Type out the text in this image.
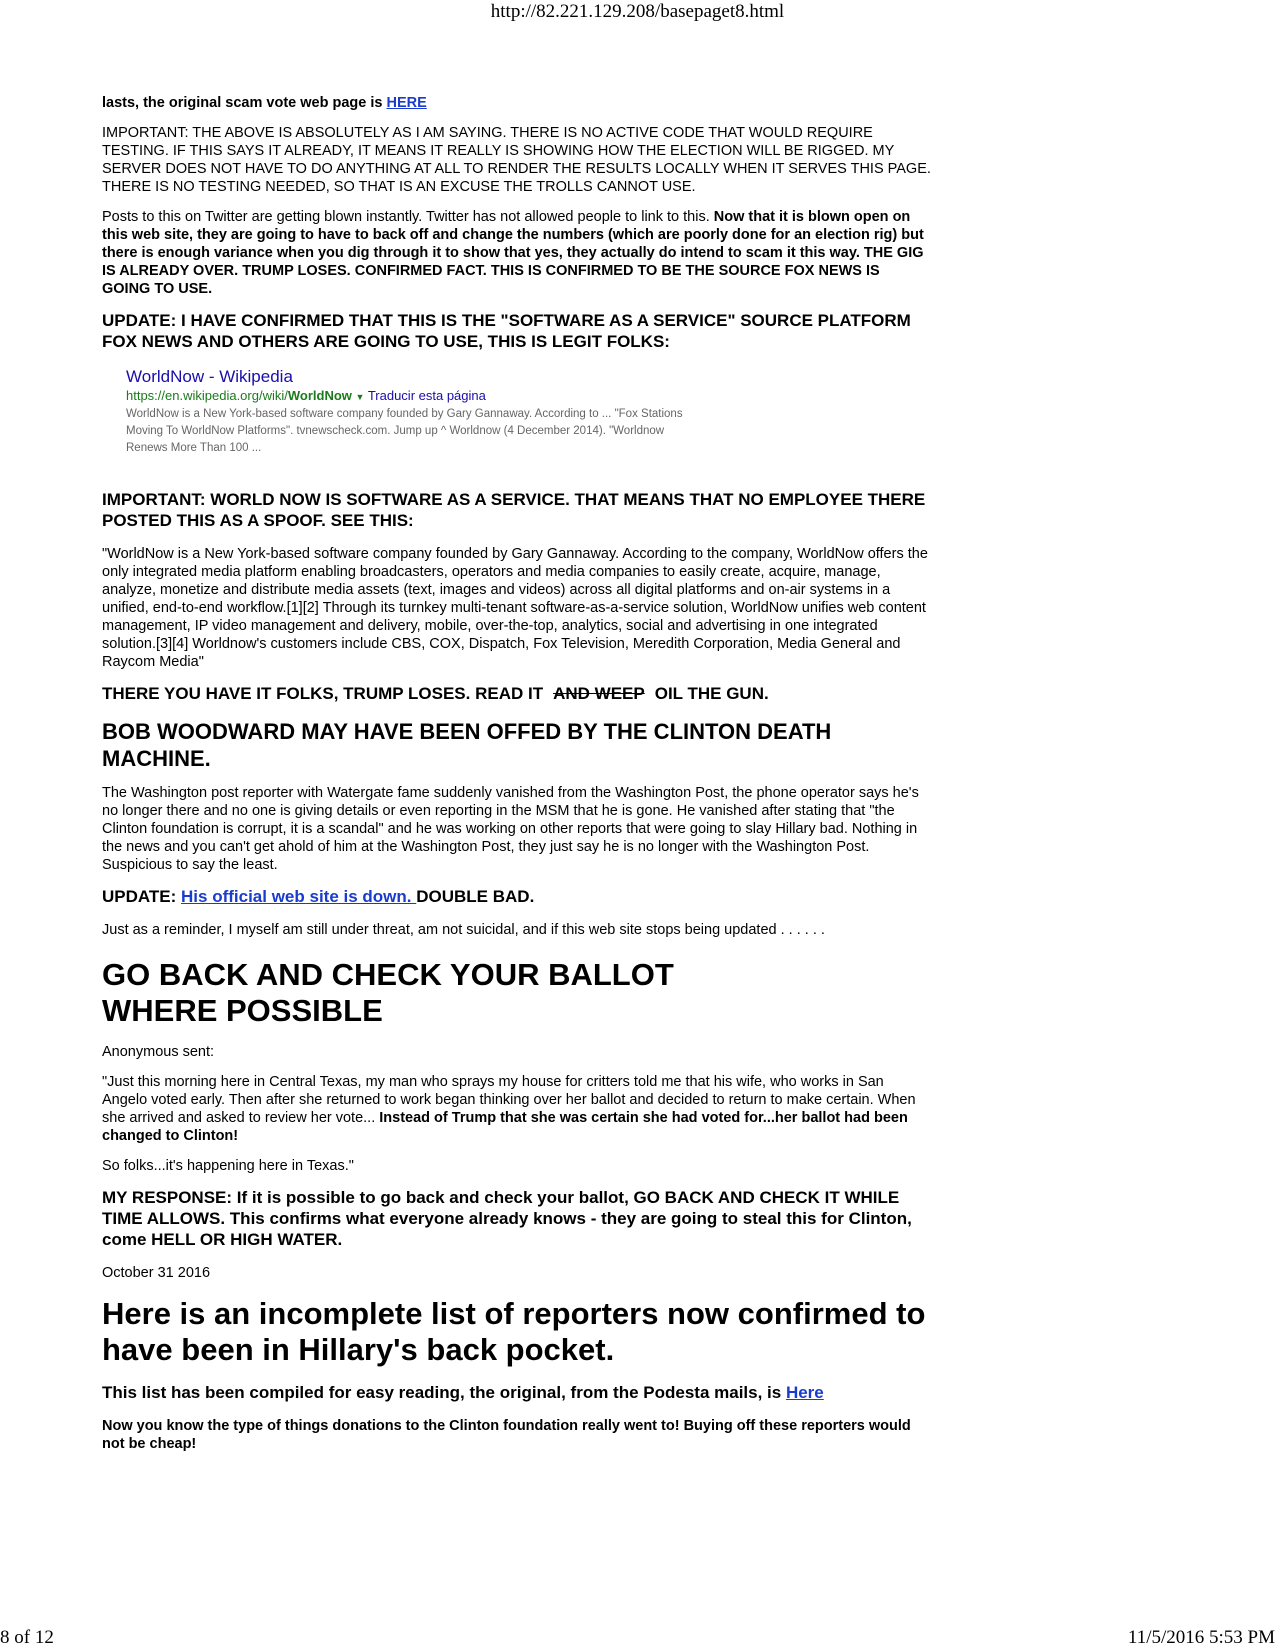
http://82.221.129.208/basepaget8.html

lasts, the original scam vote web page is HERE

IMPORTANT: THE ABOVE IS ABSOLUTELY AS I AM SAYING. THERE IS NO ACTIVE CODE THAT WOULD REQUIRE TESTING. IF THIS SAYS IT ALREADY, IT MEANS IT REALLY IS SHOWING HOW THE ELECTION WILL BE RIGGED. MY SERVER DOES NOT HAVE TO DO ANYTHING AT ALL TO RENDER THE RESULTS LOCALLY WHEN IT SERVES THIS PAGE. THERE IS NO TESTING NEEDED, SO THAT IS AN EXCUSE THE TROLLS CANNOT USE.

Posts to this on Twitter are getting blown instantly. Twitter has not allowed people to link to this. Now that it is blown open on this web site, they are going to have to back off and change the numbers (which are poorly done for an election rig) but there is enough variance when you dig through it to show that yes, they actually do intend to scam it this way. THE GIG IS ALREADY OVER. TRUMP LOSES. CONFIRMED FACT. THIS IS CONFIRMED TO BE THE SOURCE FOX NEWS IS GOING TO USE.

UPDATE: I HAVE CONFIRMED THAT THIS IS THE "SOFTWARE AS A SERVICE" SOURCE PLATFORM FOX NEWS AND OTHERS ARE GOING TO USE, THIS IS LEGIT FOLKS:
WorldNow - Wikipedia
https://en.wikipedia.org/wiki/WorldNow ▼ Traducir esta página
WorldNow is a New York-based software company founded by Gary Gannaway. According to ... "Fox Stations Moving To WorldNow Platforms". tvnewscheck.com. Jump up ^ Worldnow (4 December 2014). "Worldnow Renews More Than 100 ...
IMPORTANT: WORLD NOW IS SOFTWARE AS A SERVICE. THAT MEANS THAT NO EMPLOYEE THERE POSTED THIS AS A SPOOF. SEE THIS:

"WorldNow is a New York-based software company founded by Gary Gannaway. According to the company, WorldNow offers the only integrated media platform enabling broadcasters, operators and media companies to easily create, acquire, manage, analyze, monetize and distribute media assets (text, images and videos) across all digital platforms and on-air systems in a unified, end-to-end workflow.[1][2] Through its turnkey multi-tenant software-as-a-service solution, WorldNow unifies web content management, IP video management and delivery, mobile, over-the-top, analytics, social and advertising in one integrated solution.[3][4] Worldnow's customers include CBS, COX, Dispatch, Fox Television, Meredith Corporation, Media General and Raycom Media"

THERE YOU HAVE IT FOLKS, TRUMP LOSES. READ IT AND WEEP OIL THE GUN.
BOB WOODWARD MAY HAVE BEEN OFFED BY THE CLINTON DEATH MACHINE.

The Washington post reporter with Watergate fame suddenly vanished from the Washington Post, the phone operator says he's no longer there and no one is giving details or even reporting in the MSM that he is gone. He vanished after stating that "the Clinton foundation is corrupt, it is a scandal" and he was working on other reports that were going to slay Hillary bad. Nothing in the news and you can't get ahold of him at the Washington Post, they just say he is no longer with the Washington Post. Suspicious to say the least.

UPDATE: His official web site is down. DOUBLE BAD.

Just as a reminder, I myself am still under threat, am not suicidal, and if this web site stops being updated . . . . . .

GO BACK AND CHECK YOUR BALLOT WHERE POSSIBLE

Anonymous sent:

"Just this morning here in Central Texas, my man who sprays my house for critters told me that his wife, who works in San Angelo voted early. Then after she returned to work began thinking over her ballot and decided to return to make certain. When she arrived and asked to review her vote... Instead of Trump that she was certain she had voted for...her ballot had been changed to Clinton!

So folks...it's happening here in Texas."

MY RESPONSE: If it is possible to go back and check your ballot, GO BACK AND CHECK IT WHILE TIME ALLOWS. This confirms what everyone already knows - they are going to steal this for Clinton, come HELL OR HIGH WATER.

October 31 2016

Here is an incomplete list of reporters now confirmed to have been in Hillary's back pocket.
This list has been compiled for easy reading, the original, from the Podesta mails, is Here

Now you know the type of things donations to the Clinton foundation really went to! Buying off these reporters would not be cheap!

8 of 12	11/5/2016 5:53 PM
